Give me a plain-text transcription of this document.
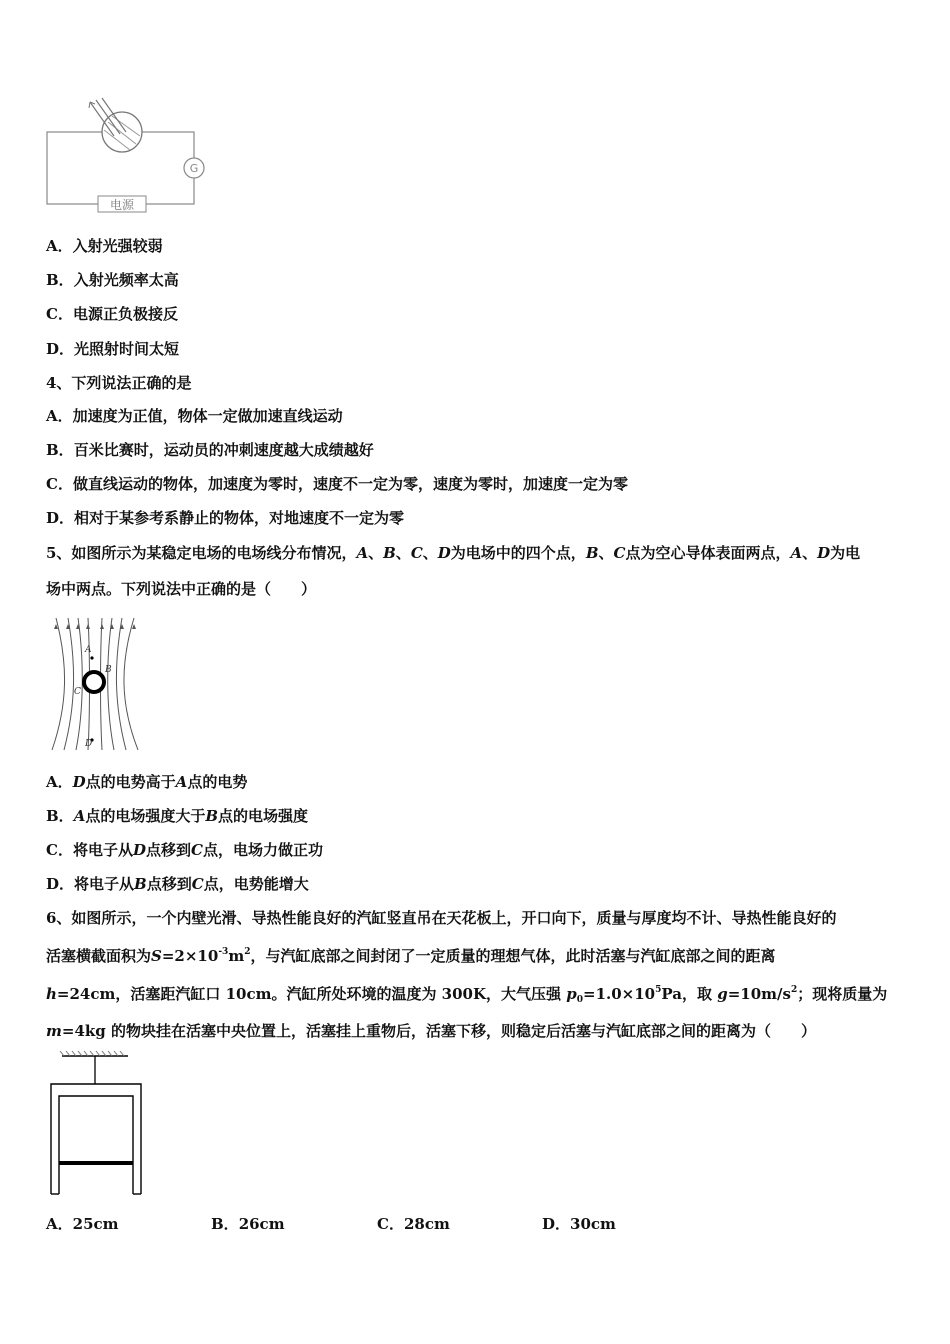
G
电源
A．入射光强较弱
B．入射光频率太高
C．电源正负极接反
D．光照射时间太短
4、下列说法正确的是
A．加速度为正值，物体一定做加速直线运动
B．百米比赛时，运动员的冲刺速度越大成绩越好
C．做直线运动的物体，加速度为零时，速度不一定为零，速度为零时，加速度一定为零
D．相对于某参考系静止的物体，对地速度不一定为零
5、如图所示为某稳定电场的电场线分布情况，A、B、C、D为电场中的四个点，B、C点为空心导体表面两点，A、D为电
场中两点。下列说法中正确的是（　　）
A
B
C
D
A．D点的电势高于A点的电势
B．A点的电场强度大于B点的电场强度
C．将电子从D点移到C点，电场力做正功
D．将电子从B点移到C点，电势能增大
6、如图所示，一个内壁光滑、导热性能良好的汽缸竖直吊在天花板上，开口向下，质量与厚度均不计、导热性能良好的
活塞横截面积为$S=2\times 10^{-3}m^2$，与汽缸底部之间封闭了一定质量的理想气体，此时活塞与汽缸底部之间的距离
h=24cm，活塞距汽缸口 10cm。汽缸所处环境的温度为 300K，大气压强 $p_0=1.0\times 10^5Pa$，取 $g=10m/s^2$；现将质量为
m=4kg 的物块挂在活塞中央位置上，活塞挂上重物后，活塞下移，则稳定后活塞与汽缸底部之间的距离为（　　）
A．25cm	B．26cm	C．28cm	D．30cm
